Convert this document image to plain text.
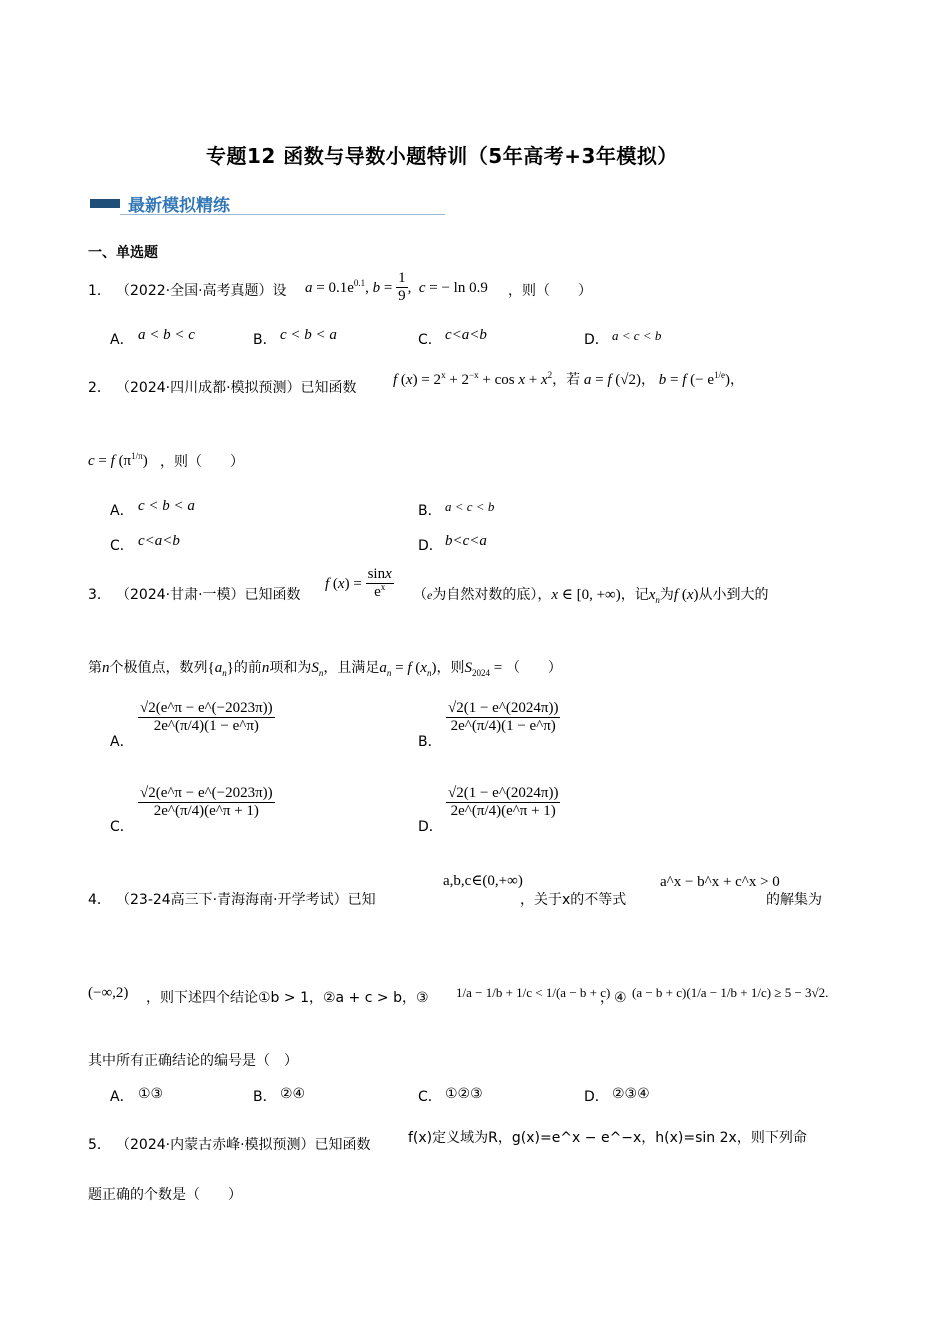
专题12 函数与导数小题特训（5年高考+3年模拟）
最新模拟精练
一、单选题
1． （2022·全国·高考真题）设 $a = 0.1e^{0.1}$, $b = \frac{1}{9}$ ,  c = − ln 0.9 ，则（　　）
A． a < b < c	B． c < b < a	C． c<a<b	D． a < c < b
2． （2024·四川成都·模拟预测）已知函数 f $(x) = 2^x + 2^{-x} + \cos x + x^2$，若 a = f (√2)， b = f (− $e^{1/e}$)，
c = f $(\pi^{1/\pi})$ ，则（　　）
A． c < b < a	B． a < c < b
C． c<a<b	D． b<c<a
3． （2024·甘肃·一模）已知函数
f $(x) = \frac{\sin x}{e^x} (e$为自然对数的底），x ∈ [0, +∞)，记$x_n$为f (x)从小到大的
第n个极值点，数列$\{a_n\}$的前n项和为$S_n$，且满足$a_n = f$ $(x_n)$，则$S_{2024}$ = （　　）
A．
$\frac{√2(e\^{}\pi - e\^{}(-2023\pi))}{2e\^{}(\pi/4)(1 - e\^{}\pi)}$
B．
$\frac{√2(1 - e\^{}(2024\pi))}{2e\^{}(\pi/4)(1 - e\^{}\pi)}$
C．
$\frac{√2(e\^{}\pi - e\^{}(-2023\pi))}{2e\^{}(\pi/4)(e\^{}\pi + 1)}$
D．
$\frac{√2(1 - e\^{}(2024\pi))}{2e\^{}(\pi/4)(e\^{}\pi + 1)}$
4． （23-24高三下·青海海南·开学考试）已知
a,b,c∈(0,+∞)
，关于x的不等式
a^x − b^x + c^x > 0
的解集为
(−∞,2) ，则下述四个结论①b > 1，②a + c > b，③ 1/a − 1/b + 1/c < 1/(a − b + c)
，④ (a − b + c)(1/a − 1/b + 1/c) ≥ 5 − 3√2.
其中所有正确结论的编号是（　）
A． ①③	B． ②④	C． ①②③	D． ②③④
5． （2024·内蒙古赤峰·模拟预测）已知函数	f(x)定义域为R，g(x)=e^x − e^−x，h(x)=sin 2x，则下列命
题正确的个数是（　　）
